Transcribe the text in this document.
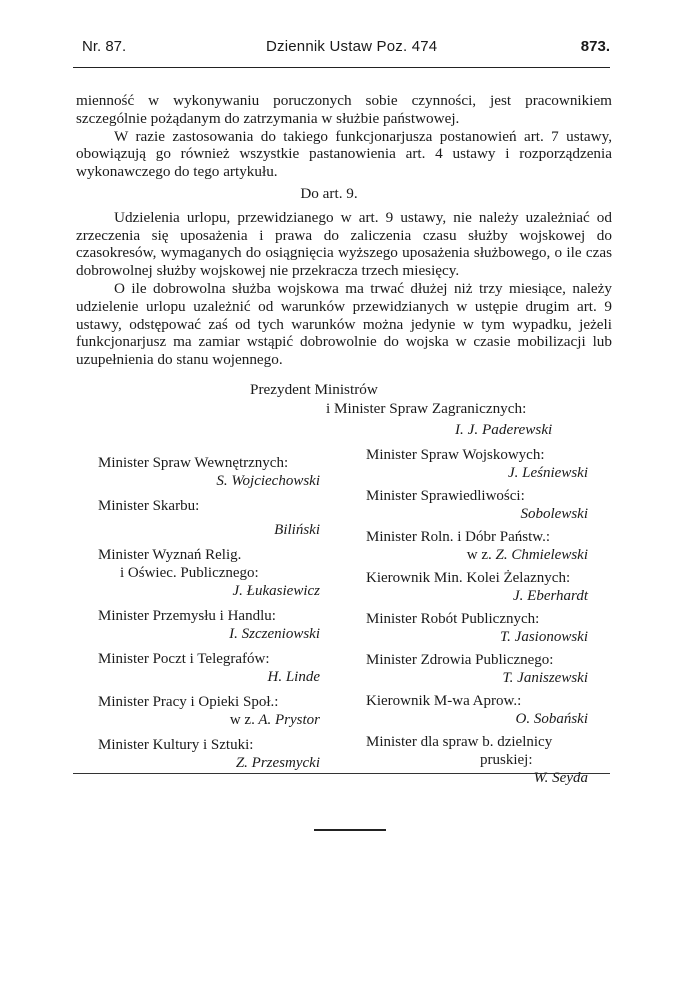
Nr. 87.	Dziennik Ustaw Poz. 474	873.

mienność w wykonywaniu poruczonych sobie czynności, jest pracownikiem szczególnie pożądanym do zatrzymania w służbie państwowej.

W razie zastosowania do takiego funkcjonarjusza postanowień art. 7 ustawy, obowiązują go również wszystkie pastanowienia art. 4 ustawy i rozporządzenia wykonawczego do tego artykułu.

Do art. 9.

Udzielenia urlopu, przewidzianego w art. 9 ustawy, nie należy uzależniać od zrzeczenia się uposażenia i prawa do zaliczenia czasu służby wojskowej do czasokresów, wymaganych do osiągnięcia wyższego uposażenia służbowego, o ile czas dobrowolnej służby wojskowej nie przekracza trzech miesięcy.

O ile dobrowolna służba wojskowa ma trwać dłużej niż trzy miesiące, należy udzielenie urlopu uzależnić od warunków przewidzianych w ustępie drugim art. 9 ustawy, odstępować zaś od tych warunków można jedynie w tym wypadku, jeżeli funkcjonarjusz ma zamiar wstąpić dobrowolnie do wojska w czasie mobilizacji lub uzupełnienia do stanu wojennego.

Prezydent Ministrów
i Minister Spraw Zagranicznych:
I. J. Paderewski
Minister Spraw Wewnętrznych:
S. Wojciechowski
Minister Skarbu:
Biliński
Minister Wyznań Relig.
i Oświec. Publicznego:
J. Łukasiewicz
Minister Przemysłu i Handlu:
I. Szczeniowski
Minister Poczt i Telegrafów:
H. Linde
Minister Pracy i Opieki Społ.:
w z. A. Prystor
Minister Kultury i Sztuki:
Z. Przesmycki
Minister Spraw Wojskowych:
J. Leśniewski
Minister Sprawiedliwości:
Sobolewski
Minister Roln. i Dóbr Państw.:
w z. Z. Chmielewski
Kierownik Min. Kolei Żelaznych:
J. Eberhardt
Minister Robót Publicznych:
T. Jasionowski
Minister Zdrowia Publicznego:
T. Janiszewski
Kierownik M-wa Aprow.:
O. Sobański
Minister dla spraw b. dzielnicy
pruskiej:
W. Seyda
